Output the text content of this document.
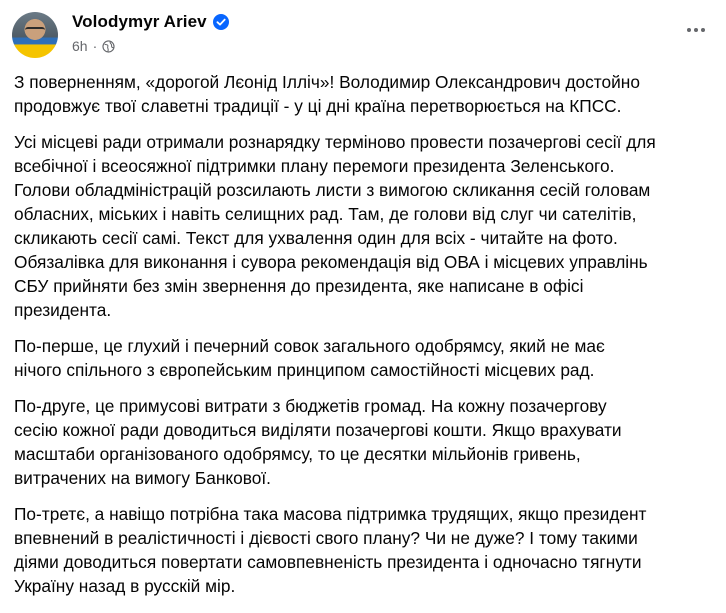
Volodymyr Ariev
6h ·

З поверненням, «дорогой Лєонід Ілліч»! Володимир Олександрович достойно
продовжує твої славетні традиції - у ці дні країна перетворюється на КПСС.

Усі місцеві ради отримали рознарядку терміново провести позачергові сесії для
всебічної і всеосяжної підтримки плану перемоги президента Зеленського.
Голови обладміністрацій розсилають листи з вимогою скликання сесій головам
обласних, міських і навіть селищних рад. Там, де голови від слуг чи сателітів,
скликають сесії самі. Текст для ухвалення один для всіх - читайте на фото.
Обязалівка для виконання і сувора рекомендація від ОВА і місцевих управлінь
СБУ прийняти без змін звернення до президента, яке написане в офісі
президента.

По-перше, це глухий і печерний совок загального одобрямсу, який не має
нічого спільного з європейським принципом самостійності місцевих рад.

По-друге, це примусові витрати з бюджетів громад. На кожну позачергову
сесію кожної ради доводиться виділяти позачергові кошти. Якщо врахувати
масштаби організованого одобрямсу, то це десятки мільйонів гривень,
витрачених на вимогу Банкової.

По-третє, а навіщо потрібна така масова підтримка трудящих, якщо президент
впевнений в реалістичності і дієвості свого плану? Чи не дуже? І тому такими
діями доводиться повертати самовпевненість президента і одночасно тягнути
Україну назад в русскій мір.
